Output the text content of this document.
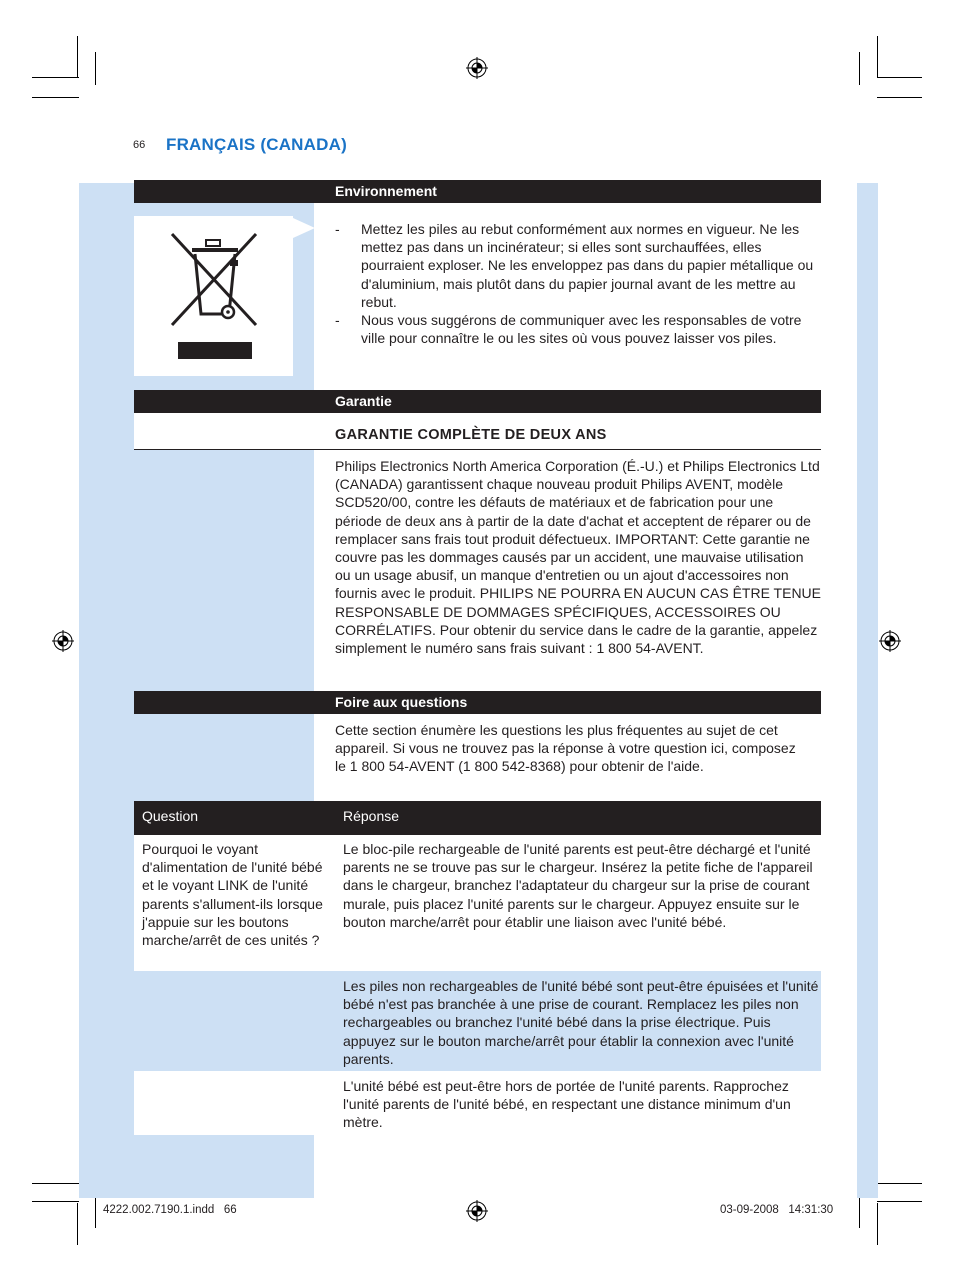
66 FRANÇAIS (CANADA)
Environnement
- Mettez les piles au rebut conformément aux normes en vigueur. Ne les mettez pas dans un incinérateur; si elles sont surchauffées, elles pourraient exploser. Ne les enveloppez pas dans du papier métallique ou d'aluminium, mais plutôt dans du papier journal avant de les mettre au rebut.
- Nous vous suggérons de communiquer avec les responsables de votre ville pour connaître le ou les sites où vous pouvez laisser vos piles.
Garantie
GARANTIE COMPLÈTE DE DEUX ANS
Philips Electronics North America Corporation (É.-U.) et Philips Electronics Ltd (CANADA) garantissent chaque nouveau produit Philips AVENT, modèle SCD520/00, contre les défauts de matériaux et de fabrication pour une période de deux ans à partir de la date d'achat et acceptent de réparer ou de remplacer sans frais tout produit défectueux. IMPORTANT: Cette garantie ne couvre pas les dommages causés par un accident, une mauvaise utilisation ou un usage abusif, un manque d'entretien ou un ajout d'accessoires non fournis avec le produit. PHILIPS NE POURRA EN AUCUN CAS ÊTRE TENUE RESPONSABLE DE DOMMAGES SPÉCIFIQUES, ACCESSOIRES OU CORRÉLATIFS. Pour obtenir du service dans le cadre de la garantie, appelez simplement le numéro sans frais suivant : 1 800 54-AVENT.
Foire aux questions
Cette section énumère les questions les plus fréquentes au sujet de cet appareil. Si vous ne trouvez pas la réponse à votre question ici, composez le 1 800 54-AVENT (1 800 542-8368) pour obtenir de l'aide.
Question	Réponse
Pourquoi le voyant d'alimentation de l'unité bébé et le voyant LINK de l'unité parents s'allument-ils lorsque j'appuie sur les boutons marche/arrêt de ces unités ?
Le bloc-pile rechargeable de l'unité parents est peut-être déchargé et l'unité parents ne se trouve pas sur le chargeur. Insérez la petite fiche de l'appareil dans le chargeur, branchez l'adaptateur du chargeur sur la prise de courant murale, puis placez l'unité parents sur le chargeur. Appuyez ensuite sur le bouton marche/arrêt pour établir une liaison avec l'unité bébé.
Les piles non rechargeables de l'unité bébé sont peut-être épuisées et l'unité bébé n'est pas branchée à une prise de courant. Remplacez les piles non rechargeables ou branchez l'unité bébé dans la prise électrique. Puis appuyez sur le bouton marche/arrêt pour établir la connexion avec l'unité parents.
L'unité bébé est peut-être hors de portée de l'unité parents. Rapprochez l'unité parents de l'unité bébé, en respectant une distance minimum d'un mètre.
4222.002.7190.1.indd   66	03-09-2008   14:31:30
